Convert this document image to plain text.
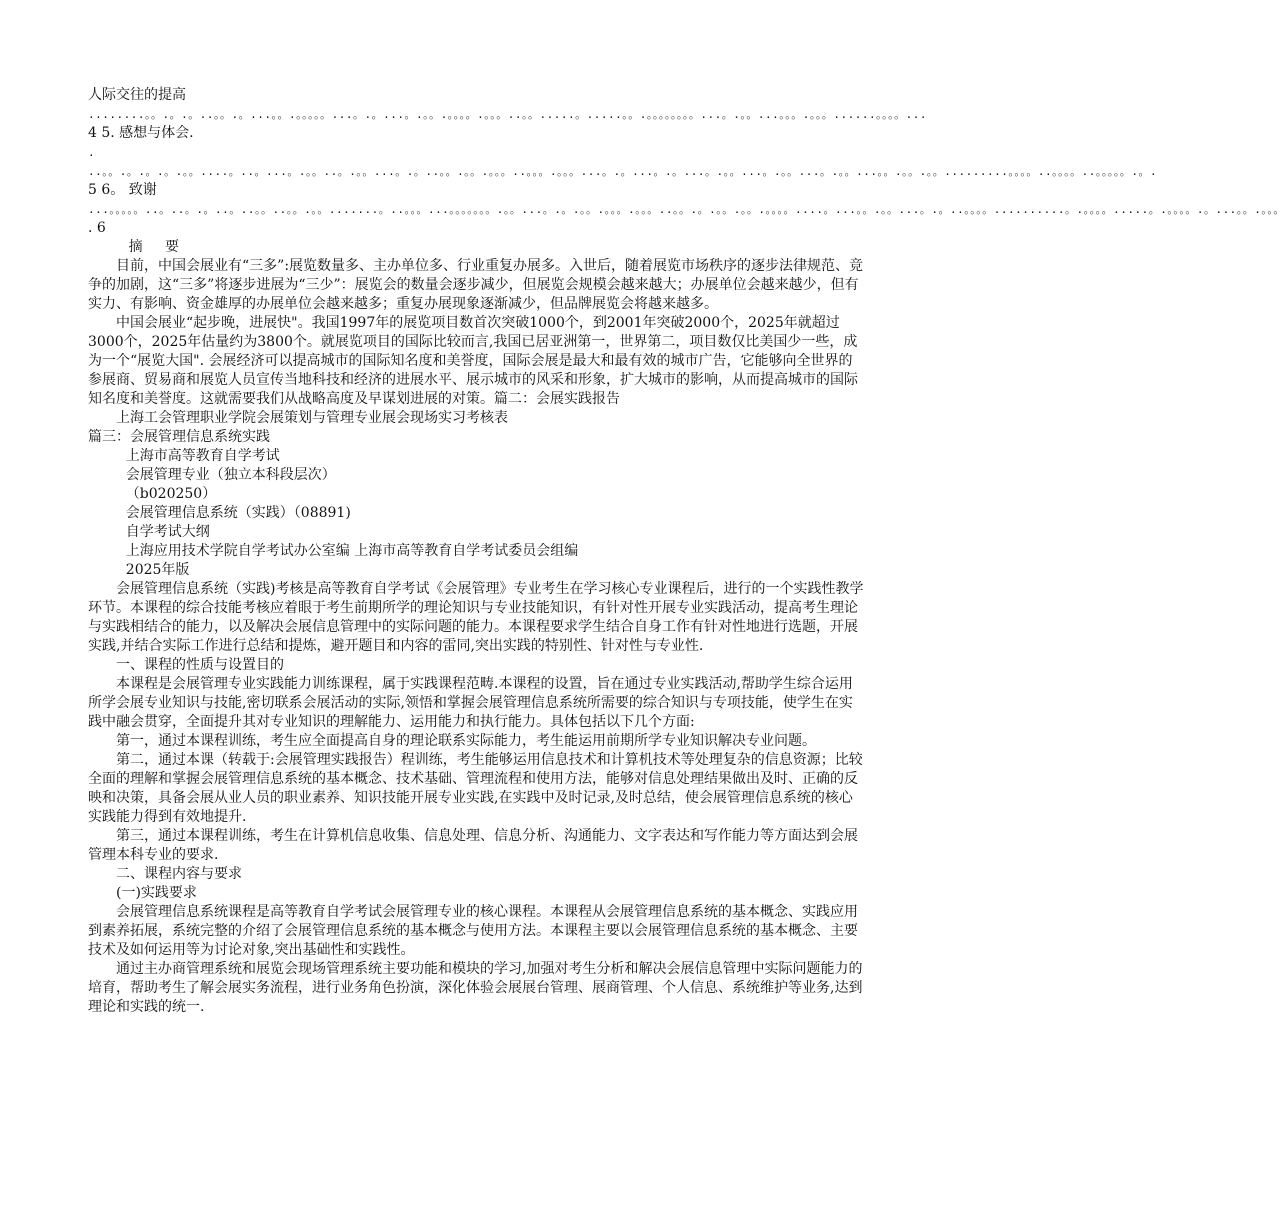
人际交往的提高
........。。.。.。..。。.。...。。.。。。。。...。.。...。.。。.。。。。.。。。..。。.....。.....。。.。。。。。。。。...。.。。...。。。.。。。......。。。。... 4 5. 感想与体会.
.
..。。.。.。.。.。。....。..。...。.。。..。.。。...。.。..。。.。。.。。。..。。。.。。。...。.。...。.。...。.。。...。.。。...。.。。...。。.。。.。。.........。。。。..。。。。..。。。。。.。. 5 6。 致谢
...。。。。。..。..。.。..。..。。..。。.。。.......。..。。。...。。。。。。。.。。...。.。.。。.。。。.。。。..。。.。.。。.。。.。。。。....。...。。.。。...。.。..。。。。..........。.。。。。.....。.。。。。.。...。。.。。。 . 6

摘要

目前，中国会展业有“三多”:展览数量多、主办单位多、行业重复办展多。入世后，随着展览市场秩序的逐步法律规范、竞争的加剧，这“三多”将逐步进展为“三少”：展览会的数量会逐步减少，但展览会规模会越来越大；办展单位会越来越少，但有实力、有影响、资金雄厚的办展单位会越来越多；重复办展现象逐渐减少，但品牌展览会将越来越多。

中国会展业“起步晚，进展快"。我国1997年的展览项目数首次突破1000个，到2001年突破2000个，2025年就超过3000个，2025年估量约为3800个。就展览项目的国际比较而言,我国已居亚洲第一，世界第二，项目数仅比美国少一些，成为一个“展览大国". 会展经济可以提高城市的国际知名度和美誉度，国际会展是最大和最有效的城市广告，它能够向全世界的参展商、贸易商和展览人员宣传当地科技和经济的进展水平、展示城市的风采和形象，扩大城市的影响，从而提高城市的国际知名度和美誉度。这就需要我们从战略高度及早谋划进展的对策。篇二：会展实践报告

上海工会管理职业学院会展策划与管理专业展会现场实习考核表

篇三：会展管理信息系统实践

上海市高等教育自学考试

会展管理专业（独立本科段层次）

（b020250）

会展管理信息系统（实践）（08891)

自学考试大纲

上海应用技术学院自学考试办公室编 上海市高等教育自学考试委员会组编

2025年版

会展管理信息系统（实践)考核是高等教育自学考试《会展管理》专业考生在学习核心专业课程后，进行的一个实践性教学环节。本课程的综合技能考核应着眼于考生前期所学的理论知识与专业技能知识，有针对性开展专业实践活动，提高考生理论与实践相结合的能力，以及解决会展信息管理中的实际问题的能力。本课程要求学生结合自身工作有针对性地进行选题，开展实践,并结合实际工作进行总结和提炼，避开题目和内容的雷同,突出实践的特别性、针对性与专业性.

一、课程的性质与设置目的

本课程是会展管理专业实践能力训练课程，属于实践课程范畴.本课程的设置，旨在通过专业实践活动,帮助学生综合运用所学会展专业知识与技能,密切联系会展活动的实际,领悟和掌握会展管理信息系统所需要的综合知识与专项技能，使学生在实践中融会贯穿，全面提升其对专业知识的理解能力、运用能力和执行能力。具体包括以下几个方面:

第一，通过本课程训练，考生应全面提高自身的理论联系实际能力，考生能运用前期所学专业知识解决专业问题。

第二，通过本课（转载于:会展管理实践报告）程训练，考生能够运用信息技术和计算机技术等处理复杂的信息资源；比较全面的理解和掌握会展管理信息系统的基本概念、技术基础、管理流程和使用方法，能够对信息处理结果做出及时、正确的反映和决策，具备会展从业人员的职业素养、知识技能开展专业实践,在实践中及时记录,及时总结，使会展管理信息系统的核心实践能力得到有效地提升.

第三，通过本课程训练，考生在计算机信息收集、信息处理、信息分析、沟通能力、文字表达和写作能力等方面达到会展管理本科专业的要求.

二、课程内容与要求

(一)实践要求

会展管理信息系统课程是高等教育自学考试会展管理专业的核心课程。本课程从会展管理信息系统的基本概念、实践应用到素养拓展，系统完整的介绍了会展管理信息系统的基本概念与使用方法。本课程主要以会展管理信息系统的基本概念、主要技术及如何运用等为讨论对象,突出基础性和实践性。

通过主办商管理系统和展览会现场管理系统主要功能和模块的学习,加强对考生分析和解决会展信息管理中实际问题能力的培育，帮助考生了解会展实务流程，进行业务角色扮演，深化体验会展展台管理、展商管理、个人信息、系统维护等业务,达到理论和实践的统一.
